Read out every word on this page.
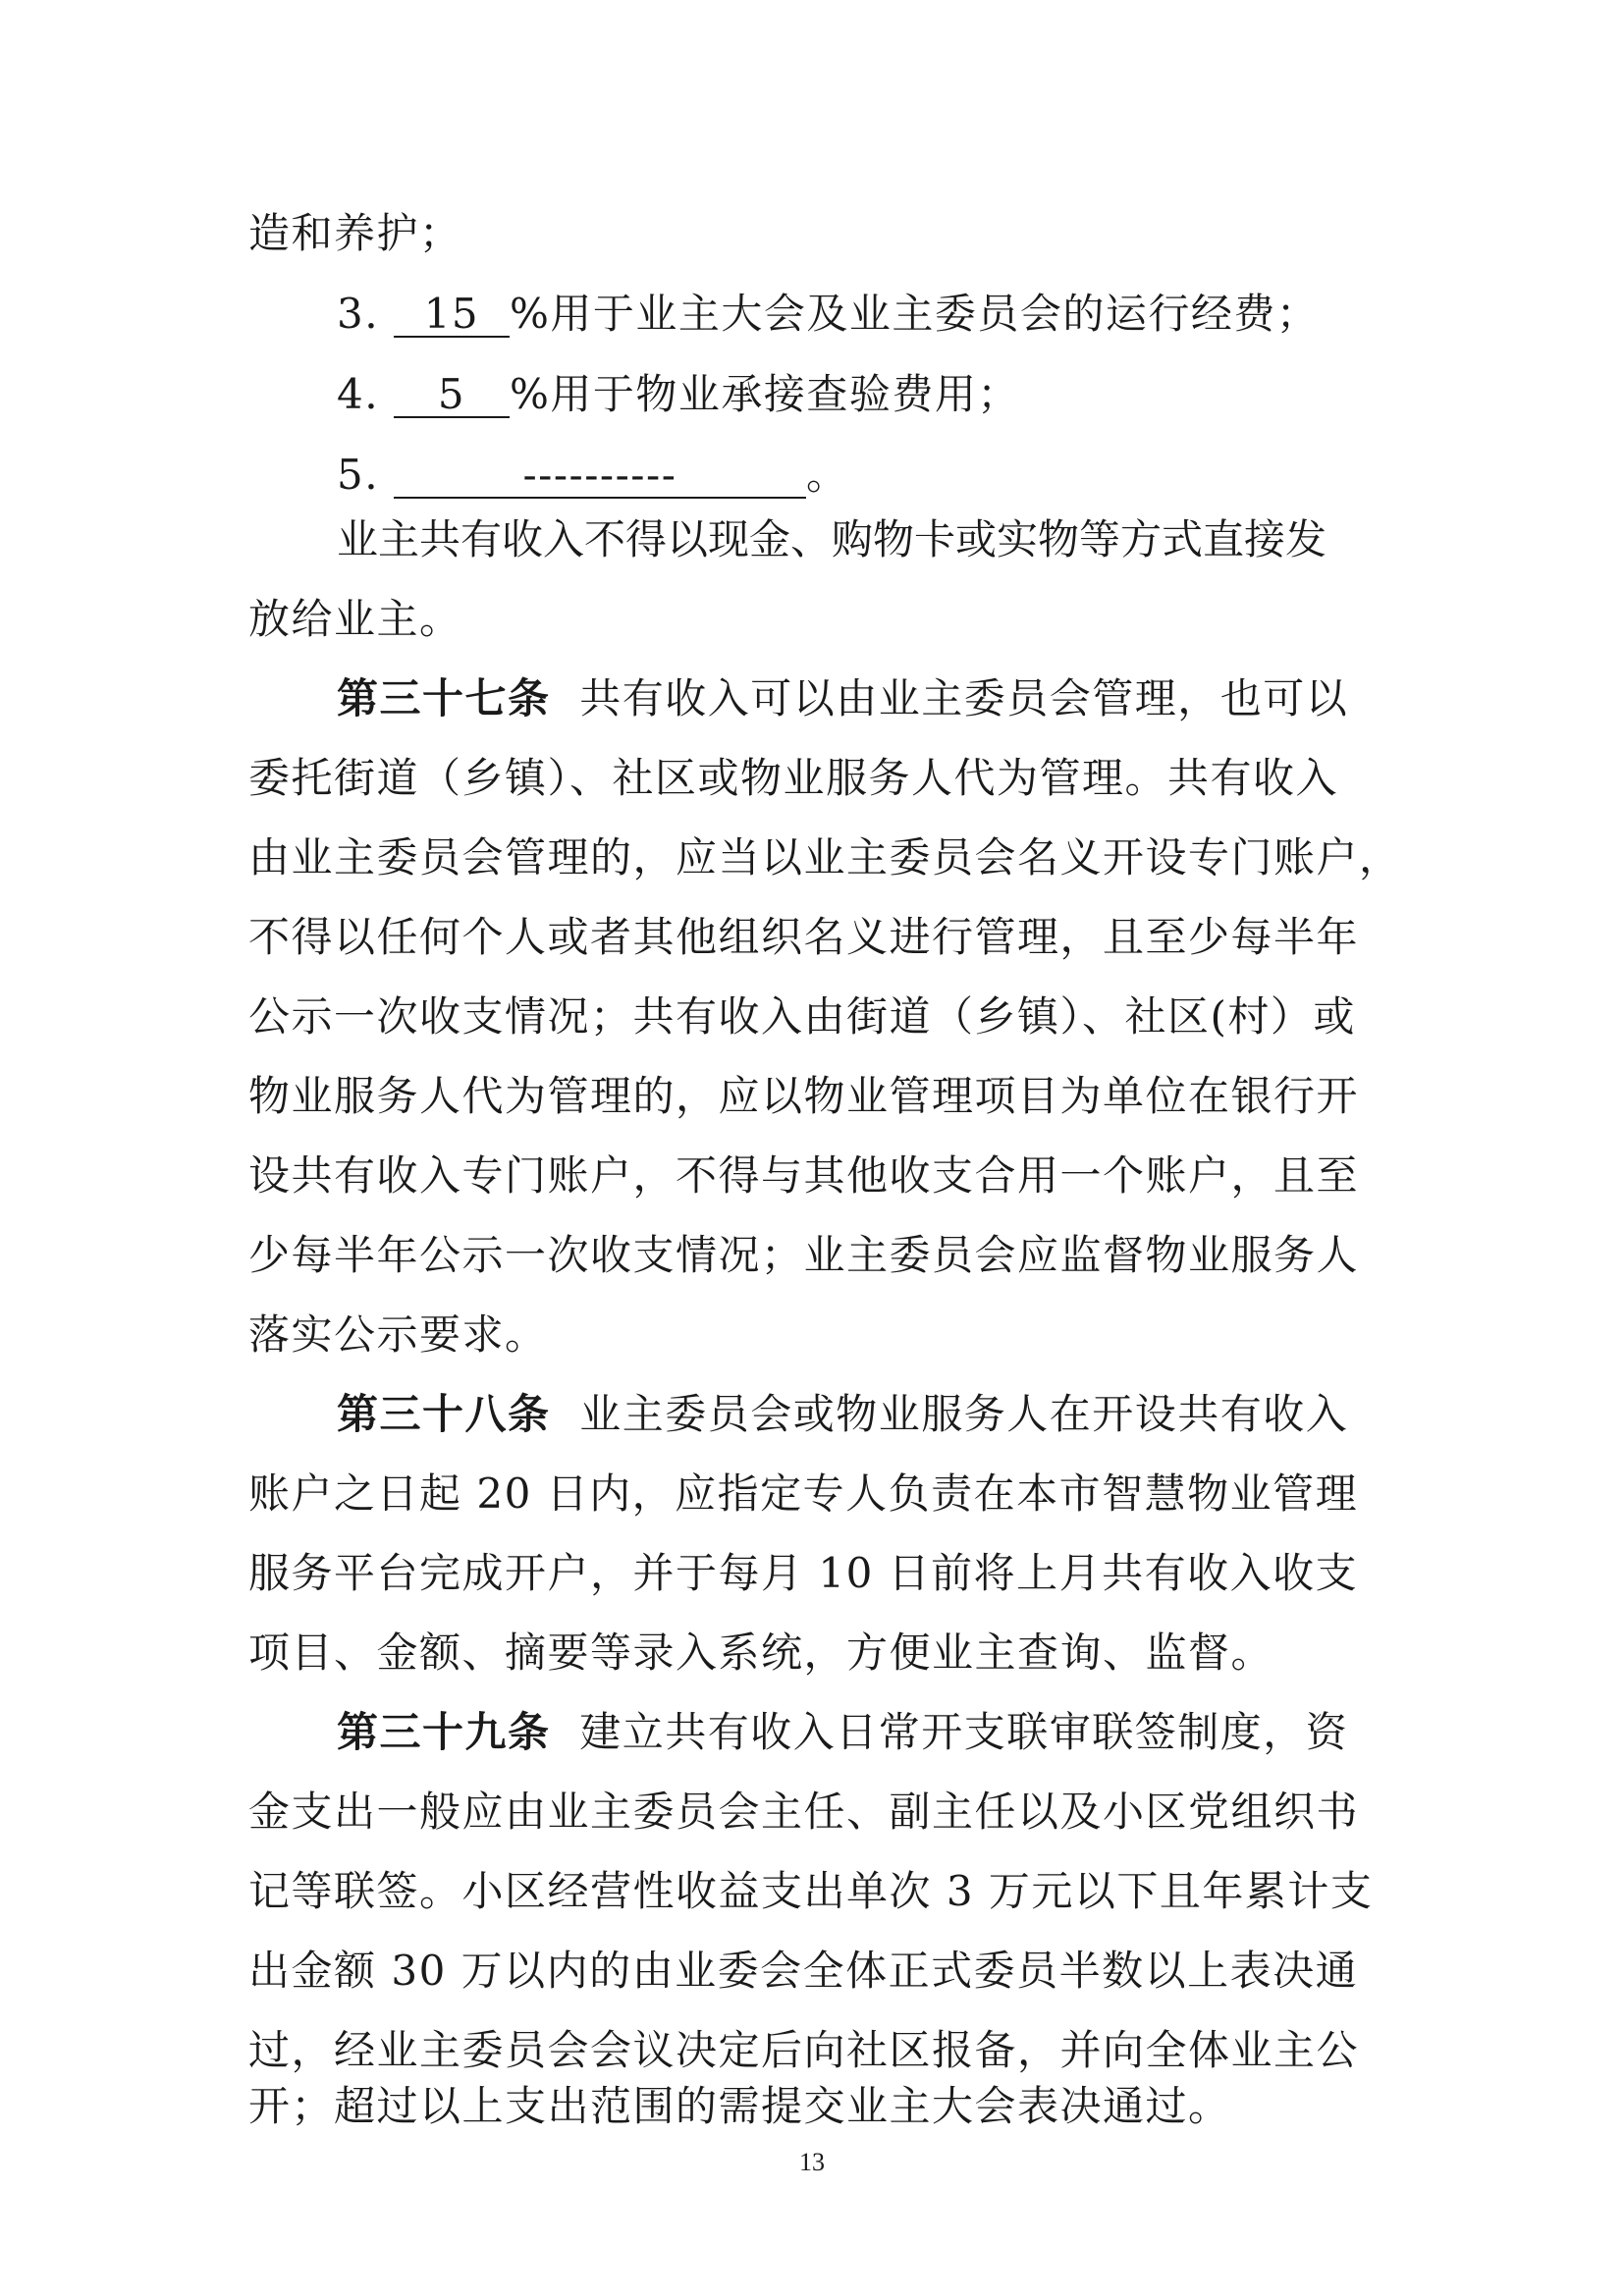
造和养护；
3. 15 %用于业主大会及业主委员会的运行经费；
4. 5 %用于物业承接查验费用；
5.	----------	。
业主共有收入不得以现金、购物卡或实物等方式直接发
放给业主。
第三十七条 共有收入可以由业主委员会管理，也可以
委托街道（乡镇）、社区或物业服务人代为管理。共有收入
由业主委员会管理的，应当以业主委员会名义开设专门账户，
不得以任何个人或者其他组织名义进行管理，且至少每半年
公示一次收支情况；共有收入由街道（乡镇）、社区(村）或
物业服务人代为管理的，应以物业管理项目为单位在银行开
设共有收入专门账户，不得与其他收支合用一个账户，且至
少每半年公示一次收支情况；业主委员会应监督物业服务人
落实公示要求。
第三十八条 业主委员会或物业服务人在开设共有收入
账户之日起 20 日内，应指定专人负责在本市智慧物业管理
服务平台完成开户，并于每月 10 日前将上月共有收入收支
项目、金额、摘要等录入系统，方便业主查询、监督。
第三十九条 建立共有收入日常开支联审联签制度，资
金支出一般应由业主委员会主任、副主任以及小区党组织书
记等联签。小区经营性收益支出单次 3 万元以下且年累计支
出金额 30 万以内的由业委会全体正式委员半数以上表决通
过，经业主委员会会议决定后向社区报备，并向全体业主公
开；超过以上支出范围的需提交业主大会表决通过。
13
